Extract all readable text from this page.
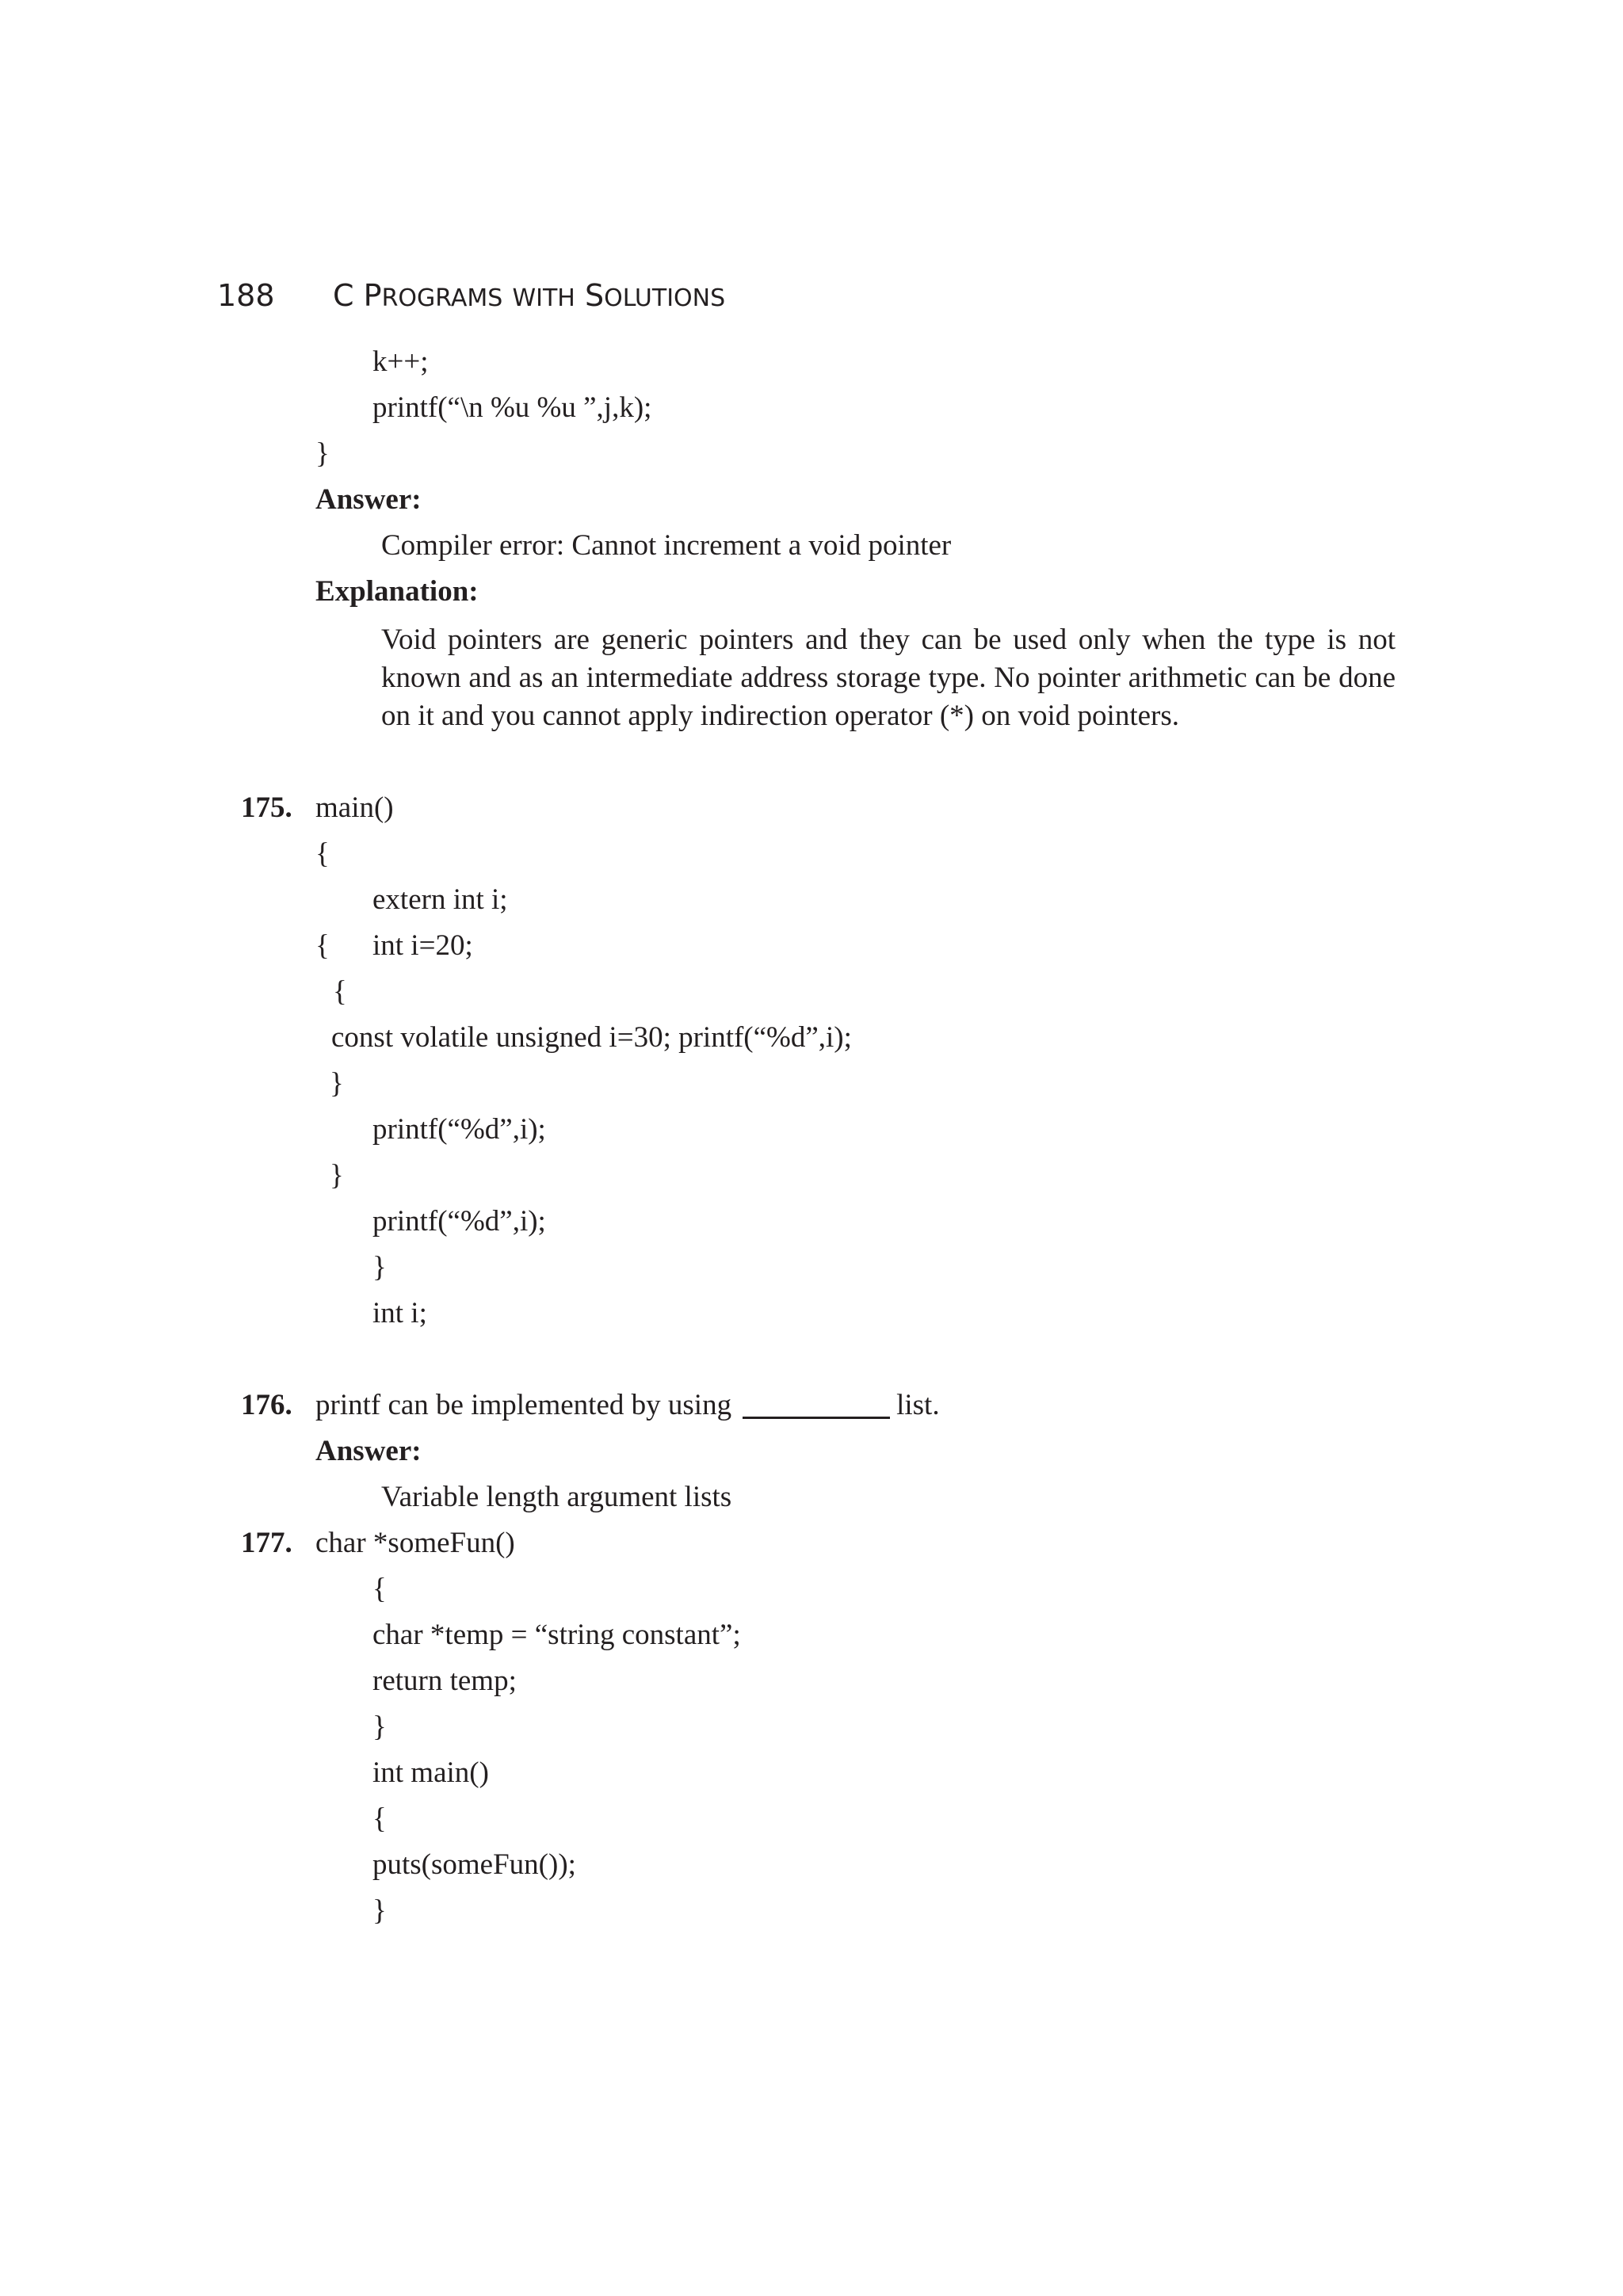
188 C PROGRAMS WITH SOLUTIONS
k++;
printf(“\n %u %u ”,j,k);
}
Answer:
Compiler error: Cannot increment a void pointer
Explanation:
Void pointers are generic pointers and they can be used only when the type is not
known and as an intermediate address storage type. No pointer arithmetic can be done
on it and you cannot apply indirection operator (*) on void pointers.
175. main()
{
extern int i;
{ int i=20;
{
const volatile unsigned i=30; printf(“%d”,i);
}
printf(“%d”,i);
}
printf(“%d”,i);
}
int i;
176. printf can be implemented by using	list.
Answer:
Variable length argument lists
177. char *someFun()
{
char *temp = “string constant”;
return temp;
}
int main()
{
puts(someFun());
}
